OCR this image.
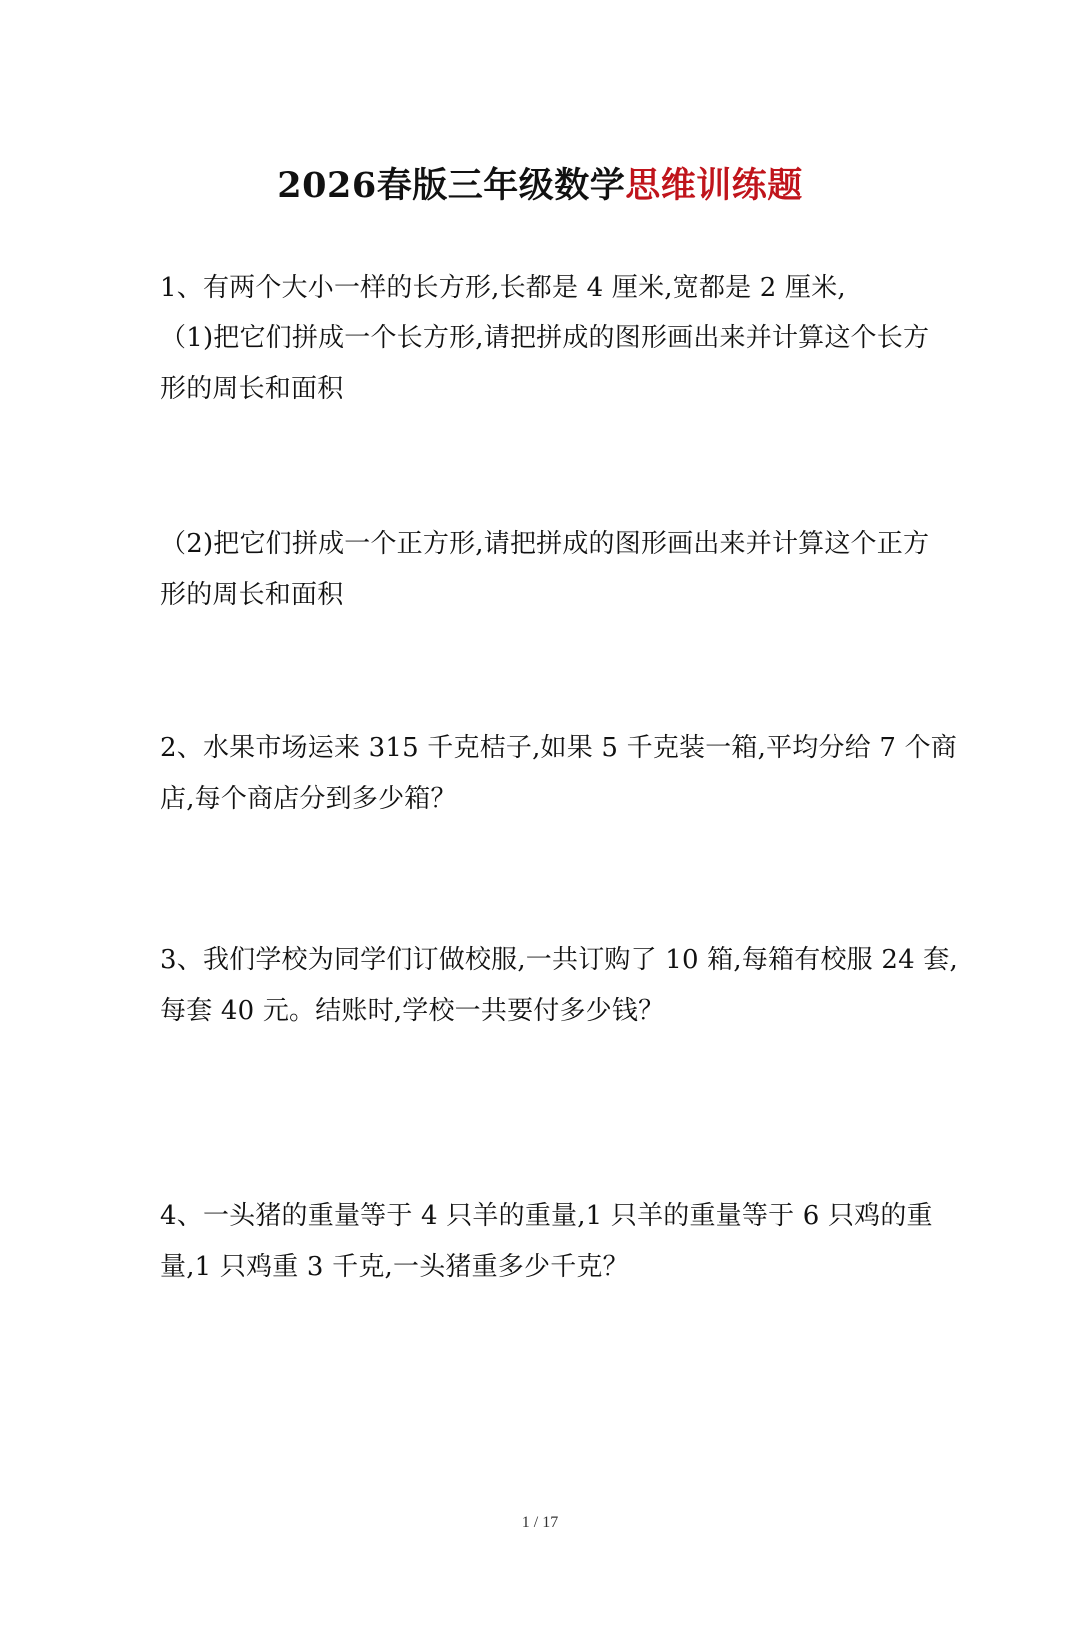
2026春版三年级数学思维训练题

1、有两个大小一样的长方形,长都是 4 厘米,宽都是 2 厘米,

（1)把它们拼成一个长方形,请把拼成的图形画出来并计算这个长方
形的周长和面积

（2)把它们拼成一个正方形,请把拼成的图形画出来并计算这个正方
形的周长和面积

2、水果市场运来 315 千克桔子,如果 5 千克装一箱,平均分给 7 个商
店,每个商店分到多少箱？

3、我们学校为同学们订做校服,一共订购了 10 箱,每箱有校服 24 套,
每套 40 元。结账时,学校一共要付多少钱？

4、一头猪的重量等于 4 只羊的重量,1 只羊的重量等于 6 只鸡的重
量,1 只鸡重 3 千克,一头猪重多少千克？

1 / 17
